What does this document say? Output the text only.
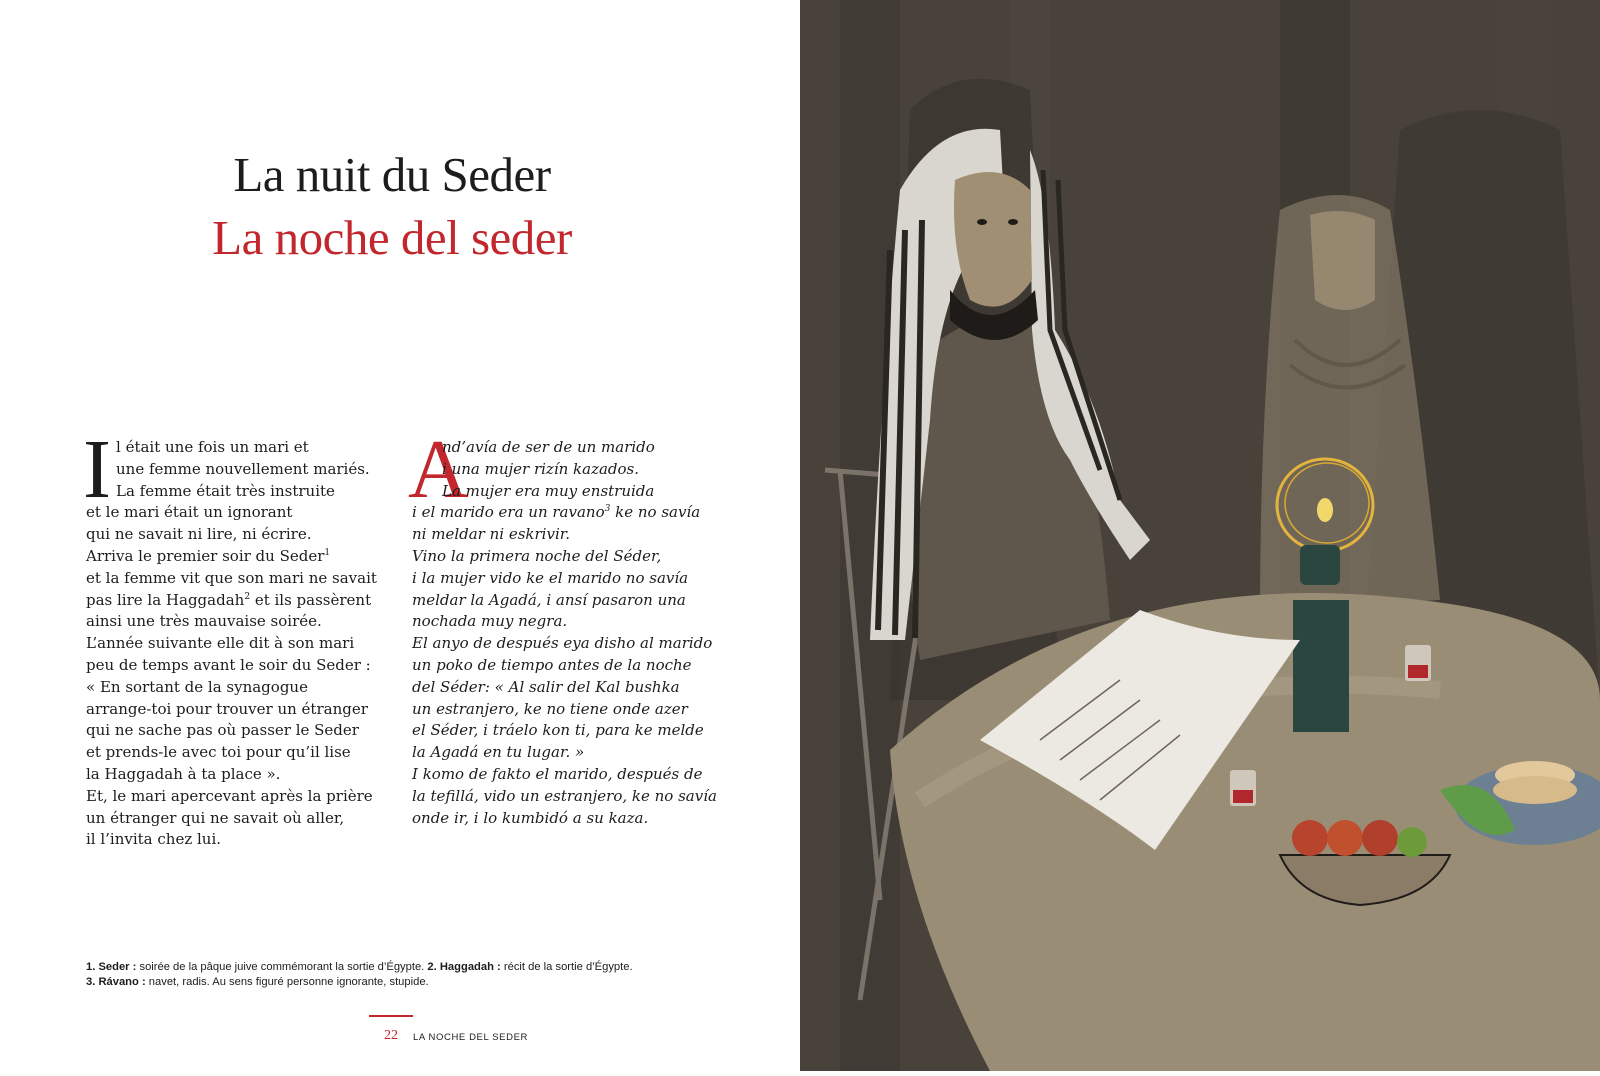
La nuit du Seder
La noche del seder
I l était une fois un mari et
une femme nouvellement mariés.
La femme était très instruite
et le mari était un ignorant
qui ne savait ni lire, ni écrire.
Arriva le premier soir du Seder$^1$
et la femme vit que son mari ne savait
pas lire la Haggadah$^2$ et ils passèrent
ainsi une très mauvaise soirée.
L’année suivante elle dit à son mari
peu de temps avant le soir du Seder :
« En sortant de la synagogue
arrange-toi pour trouver un étranger
qui ne sache pas où passer le Seder
et prends-le avec toi pour qu’il lise
la Haggadah à ta place ».
Et, le mari apercevant après la prière
un étranger qui ne savait où aller,
il l’invita chez lui.
A
nd’avía de ser de un marido
i una mujer rizín kazados.
La mujer era muy enstruida
i el marido era un ravano$^3$ ke no savía
ni meldar ni eskrivir.
Vino la primera noche del Séder,
i la mujer vido ke el marido no savía
meldar la Agadá, i ansí pasaron una
nochada muy negra.
El anyo de después eya disho al marido
un poko de tiempo antes de la noche
del Séder: « Al salir del Kal bushka
un estranjero, ke no tiene onde azer
el Séder, i tráelo kon ti, para ke melde
la Agadá en tu lugar. »
I komo de fakto el marido, después de
la tefillá, vido un estranjero, ke no savía
onde ir, i lo kumbidó a su kaza.
1. Seder : soirée de la pâque juive commémorant la sortie d’Égypte. 2. Haggadah : récit de la sortie d’Égypte.
3. Rávano : navet, radis. Au sens figuré personne ignorante, stupide.
22	LA NOCHE DEL SEDER
